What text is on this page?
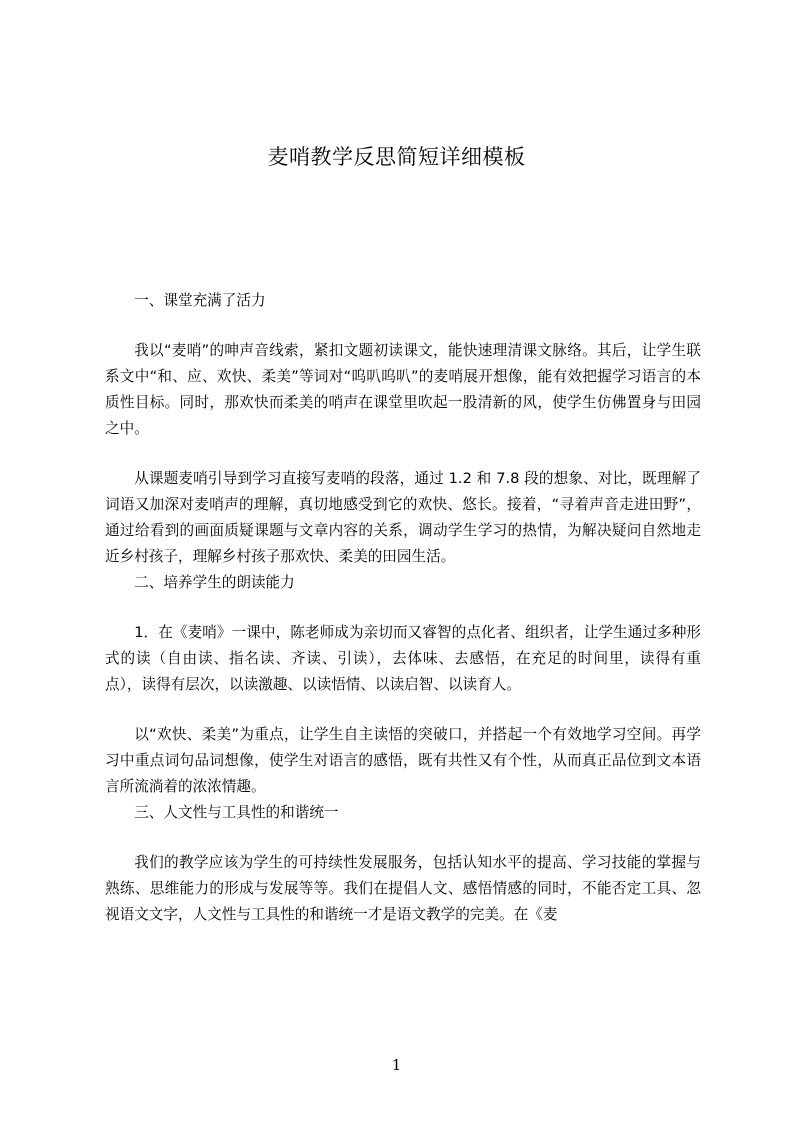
麦哨教学反思简短详细模板

一、课堂充满了活力

我以“麦哨”的呻声音线索，紧扣文题初读课文，能快速理清课文脉络。其后，让学生联系文中“和、应、欢快、柔美”等词对“呜叭呜叭”的麦哨展开想像，能有效把握学习语言的本质性目标。同时，那欢快而柔美的哨声在课堂里吹起一股清新的风，使学生仿佛置身与田园之中。

从课题麦哨引导到学习直接写麦哨的段落，通过 1.2 和 7.8 段的想象、对比，既理解了词语又加深对麦哨声的理解，真切地感受到它的欢快、悠长。接着，“寻着声音走进田野”，通过给看到的画面质疑课题与文章内容的关系，调动学生学习的热情，为解决疑问自然地走近乡村孩子，理解乡村孩子那欢快、柔美的田园生活。

二、培养学生的朗读能力

1．在《麦哨》一课中，陈老师成为亲切而又睿智的点化者、组织者，让学生通过多种形式的读（自由读、指名读、齐读、引读），去体味、去感悟，在充足的时间里，读得有重点），读得有层次，以读激趣、以读悟情、以读启智、以读育人。

以“欢快、柔美”为重点，让学生自主读悟的突破口，并搭起一个有效地学习空间。再学习中重点词句品词想像，使学生对语言的感悟，既有共性又有个性，从而真正品位到文本语言所流淌着的浓浓情趣。

三、人文性与工具性的和谐统一

我们的教学应该为学生的可持续性发展服务，包括认知水平的提高、学习技能的掌握与熟练、思维能力的形成与发展等等。我们在提倡人文、感悟情感的同时，不能否定工具、忽视语文文字，人文性与工具性的和谐统一才是语文教学的完美。在《麦

1
